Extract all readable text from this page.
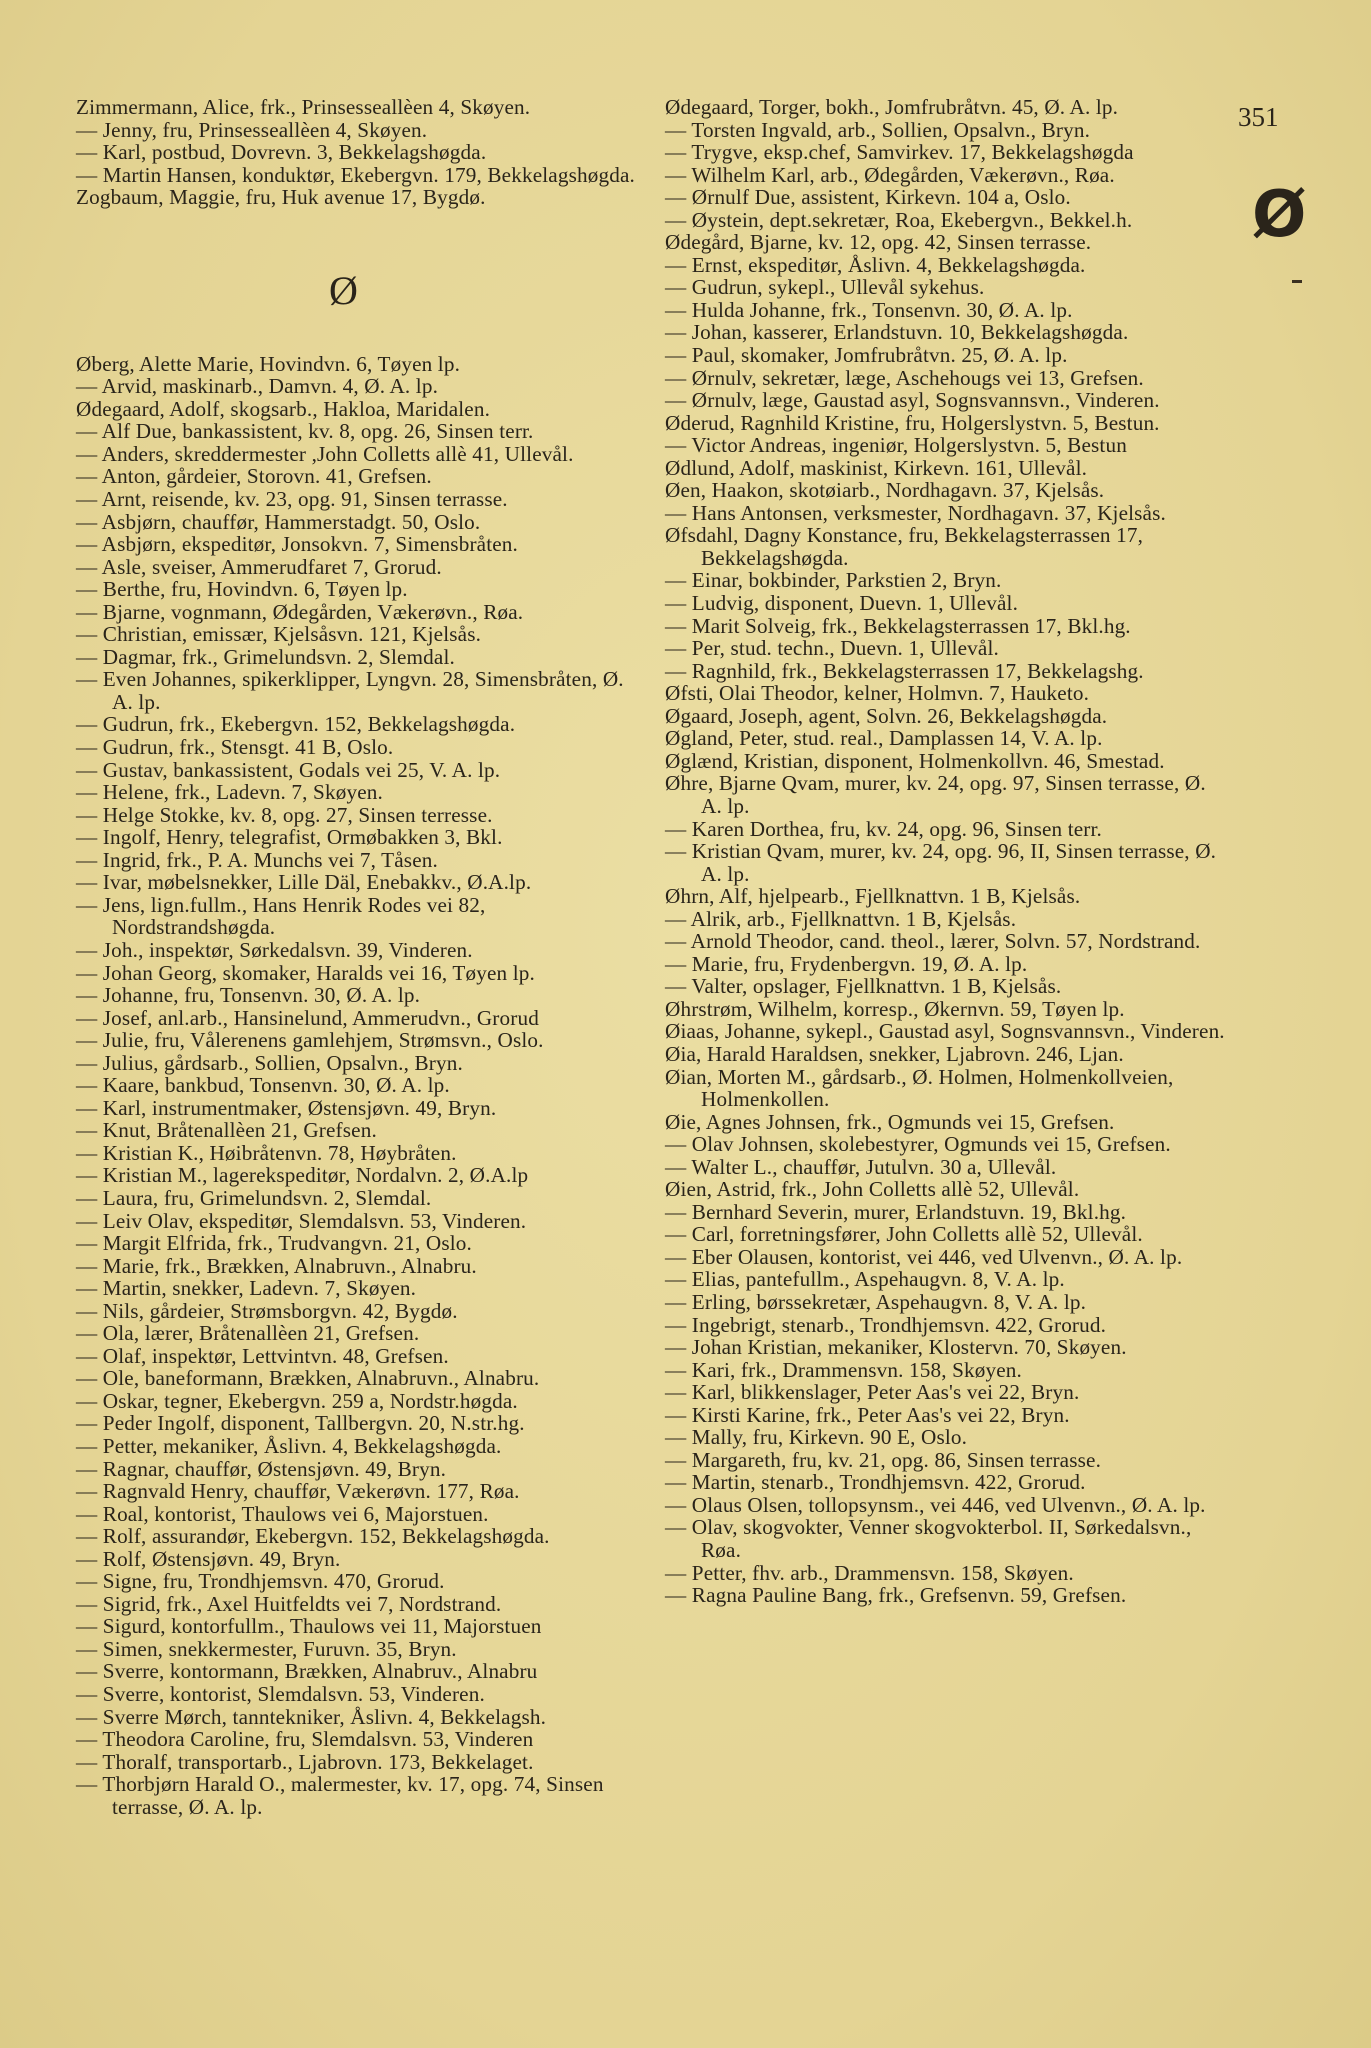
351
Ø

Zimmermann, Alice, frk., Prinsesseallèen 4, Skøyen.

— Jenny, fru, Prinsesseallèen 4, Skøyen.

— Karl, postbud, Dovrevn. 3, Bekkelagshøgda.

— Martin Hansen, konduktør, Ekebergvn. 179, Bekkelagshøgda.

Zogbaum, Maggie, fru, Huk avenue 17, Bygdø.

Ø

Øberg, Alette Marie, Hovindvn. 6, Tøyen lp.

— Arvid, maskinarb., Damvn. 4, Ø. A. lp.

Ødegaard, Adolf, skogsarb., Hakloa, Maridalen.

— Alf Due, bankassistent, kv. 8, opg. 26, Sinsen terr.

— Anders, skreddermester ,John Colletts allè 41, Ullevål.

— Anton, gårdeier, Storovn. 41, Grefsen.

— Arnt, reisende, kv. 23, opg. 91, Sinsen terrasse.

— Asbjørn, chauffør, Hammerstadgt. 50, Oslo.

— Asbjørn, ekspeditør, Jonsokvn. 7, Simensbråten.

— Asle, sveiser, Ammerudfaret 7, Grorud.

— Berthe, fru, Hovindvn. 6, Tøyen lp.

— Bjarne, vognmann, Ødegården, Vækerøvn., Røa.

— Christian, emissær, Kjelsåsvn. 121, Kjelsås.

— Dagmar, frk., Grimelundsvn. 2, Slemdal.

— Even Johannes, spikerklipper, Lyngvn. 28, Simensbråten, Ø. A. lp.

— Gudrun, frk., Ekebergvn. 152, Bekkelagshøgda.

— Gudrun, frk., Stensgt. 41 B, Oslo.

— Gustav, bankassistent, Godals vei 25, V. A. lp.

— Helene, frk., Ladevn. 7, Skøyen.

— Helge Stokke, kv. 8, opg. 27, Sinsen terresse.

— Ingolf, Henry, telegrafist, Ormøbakken 3, Bkl.

— Ingrid, frk., P. A. Munchs vei 7, Tåsen.

— Ivar, møbelsnekker, Lille Däl, Enebakkv., Ø.A.lp.

— Jens, lign.fullm., Hans Henrik Rodes vei 82, Nordstrandshøgda.

— Joh., inspektør, Sørkedalsvn. 39, Vinderen.

— Johan Georg, skomaker, Haralds vei 16, Tøyen lp.

— Johanne, fru, Tonsenvn. 30, Ø. A. lp.

— Josef, anl.arb., Hansinelund, Ammerudvn., Grorud

— Julie, fru, Vålerenens gamlehjem, Strømsvn., Oslo.

— Julius, gårdsarb., Sollien, Opsalvn., Bryn.

— Kaare, bankbud, Tonsenvn. 30, Ø. A. lp.

— Karl, instrumentmaker, Østensjøvn. 49, Bryn.

— Knut, Bråtenallèen 21, Grefsen.

— Kristian K., Høibråtenvn. 78, Høybråten.

— Kristian M., lagerekspeditør, Nordalvn. 2, Ø.A.lp

— Laura, fru, Grimelundsvn. 2, Slemdal.

— Leiv Olav, ekspeditør, Slemdalsvn. 53, Vinderen.

— Margit Elfrida, frk., Trudvangvn. 21, Oslo.

— Marie, frk., Brækken, Alnabruvn., Alnabru.

— Martin, snekker, Ladevn. 7, Skøyen.

— Nils, gårdeier, Strømsborgvn. 42, Bygdø.

— Ola, lærer, Bråtenallèen 21, Grefsen.

— Olaf, inspektør, Lettvintvn. 48, Grefsen.

— Ole, baneformann, Brækken, Alnabruvn., Alnabru.

— Oskar, tegner, Ekebergvn. 259 a, Nordstr.høgda.

— Peder Ingolf, disponent, Tallbergvn. 20, N.str.hg.

— Petter, mekaniker, Åslivn. 4, Bekkelagshøgda.

— Ragnar, chauffør, Østensjøvn. 49, Bryn.

— Ragnvald Henry, chauffør, Vækerøvn. 177, Røa.

— Roal, kontorist, Thaulows vei 6, Majorstuen.

— Rolf, assurandør, Ekebergvn. 152, Bekkelagshøgda.

— Rolf, Østensjøvn. 49, Bryn.

— Signe, fru, Trondhjemsvn. 470, Grorud.

— Sigrid, frk., Axel Huitfeldts vei 7, Nordstrand.

— Sigurd, kontorfullm., Thaulows vei 11, Majorstuen

— Simen, snekkermester, Furuvn. 35, Bryn.

— Sverre, kontormann, Brækken, Alnabruv., Alnabru

— Sverre, kontorist, Slemdalsvn. 53, Vinderen.

— Sverre Mørch, tanntekniker, Åslivn. 4, Bekkelagsh.

— Theodora Caroline, fru, Slemdalsvn. 53, Vinderen

— Thoralf, transportarb., Ljabrovn. 173, Bekkelaget.

— Thorbjørn Harald O., malermester, kv. 17, opg. 74, Sinsen terrasse, Ø. A. lp.

Ødegaard, Torger, bokh., Jomfrubråtvn. 45, Ø. A. lp.

— Torsten Ingvald, arb., Sollien, Opsalvn., Bryn.

— Trygve, eksp.chef, Samvirkev. 17, Bekkelagshøgda

— Wilhelm Karl, arb., Ødegården, Vækerøvn., Røa.

— Ørnulf Due, assistent, Kirkevn. 104 a, Oslo.

— Øystein, dept.sekretær, Roa, Ekebergvn., Bekkel.h.

Ødegård, Bjarne, kv. 12, opg. 42, Sinsen terrasse.

— Ernst, ekspeditør, Åslivn. 4, Bekkelagshøgda.

— Gudrun, sykepl., Ullevål sykehus.

— Hulda Johanne, frk., Tonsenvn. 30, Ø. A. lp.

— Johan, kasserer, Erlandstuvn. 10, Bekkelagshøgda.

— Paul, skomaker, Jomfrubråtvn. 25, Ø. A. lp.

— Ørnulv, sekretær, læge, Aschehougs vei 13, Grefsen.

— Ørnulv, læge, Gaustad asyl, Sognsvannsvn., Vinderen.

Øderud, Ragnhild Kristine, fru, Holgerslystvn. 5, Bestun.

— Victor Andreas, ingeniør, Holgerslystvn. 5, Bestun

Ødlund, Adolf, maskinist, Kirkevn. 161, Ullevål.

Øen, Haakon, skotøiarb., Nordhagavn. 37, Kjelsås.

— Hans Antonsen, verksmester, Nordhagavn. 37, Kjelsås.

Øfsdahl, Dagny Konstance, fru, Bekkelagsterrassen 17, Bekkelagshøgda.

— Einar, bokbinder, Parkstien 2, Bryn.

— Ludvig, disponent, Duevn. 1, Ullevål.

— Marit Solveig, frk., Bekkelagsterrassen 17, Bkl.hg.

— Per, stud. techn., Duevn. 1, Ullevål.

— Ragnhild, frk., Bekkelagsterrassen 17, Bekkelagshg.

Øfsti, Olai Theodor, kelner, Holmvn. 7, Hauketo.

Øgaard, Joseph, agent, Solvn. 26, Bekkelagshøgda.

Øgland, Peter, stud. real., Damplassen 14, V. A. lp.

Øglænd, Kristian, disponent, Holmenkollvn. 46, Smestad.

Øhre, Bjarne Qvam, murer, kv. 24, opg. 97, Sinsen terrasse, Ø. A. lp.

— Karen Dorthea, fru, kv. 24, opg. 96, Sinsen terr.

— Kristian Qvam, murer, kv. 24, opg. 96, II, Sinsen terrasse, Ø. A. lp.

Øhrn, Alf, hjelpearb., Fjellknattvn. 1 B, Kjelsås.

— Alrik, arb., Fjellknattvn. 1 B, Kjelsås.

— Arnold Theodor, cand. theol., lærer, Solvn. 57, Nordstrand.

— Marie, fru, Frydenbergvn. 19, Ø. A. lp.

— Valter, opslager, Fjellknattvn. 1 B, Kjelsås.

Øhrstrøm, Wilhelm, korresp., Økernvn. 59, Tøyen lp.

Øiaas, Johanne, sykepl., Gaustad asyl, Sognsvannsvn., Vinderen.

Øia, Harald Haraldsen, snekker, Ljabrovn. 246, Ljan.

Øian, Morten M., gårdsarb., Ø. Holmen, Holmenkollveien, Holmenkollen.

Øie, Agnes Johnsen, frk., Ogmunds vei 15, Grefsen.

— Olav Johnsen, skolebestyrer, Ogmunds vei 15, Grefsen.

— Walter L., chauffør, Jutulvn. 30 a, Ullevål.

Øien, Astrid, frk., John Colletts allè 52, Ullevål.

— Bernhard Severin, murer, Erlandstuvn. 19, Bkl.hg.

— Carl, forretningsfører, John Colletts allè 52, Ullevål.

— Eber Olausen, kontorist, vei 446, ved Ulvenvn., Ø. A. lp.

— Elias, pantefullm., Aspehaugvn. 8, V. A. lp.

— Erling, børssekretær, Aspehaugvn. 8, V. A. lp.

— Ingebrigt, stenarb., Trondhjemsvn. 422, Grorud.

— Johan Kristian, mekaniker, Klostervn. 70, Skøyen.

— Kari, frk., Drammensvn. 158, Skøyen.

— Karl, blikkenslager, Peter Aas's vei 22, Bryn.

— Kirsti Karine, frk., Peter Aas's vei 22, Bryn.

— Mally, fru, Kirkevn. 90 E, Oslo.

— Margareth, fru, kv. 21, opg. 86, Sinsen terrasse.

— Martin, stenarb., Trondhjemsvn. 422, Grorud.

— Olaus Olsen, tollopsynsm., vei 446, ved Ulvenvn., Ø. A. lp.

— Olav, skogvokter, Venner skogvokterbol. II, Sørkedalsvn., Røa.

— Petter, fhv. arb., Drammensvn. 158, Skøyen.

— Ragna Pauline Bang, frk., Grefsenvn. 59, Grefsen.
